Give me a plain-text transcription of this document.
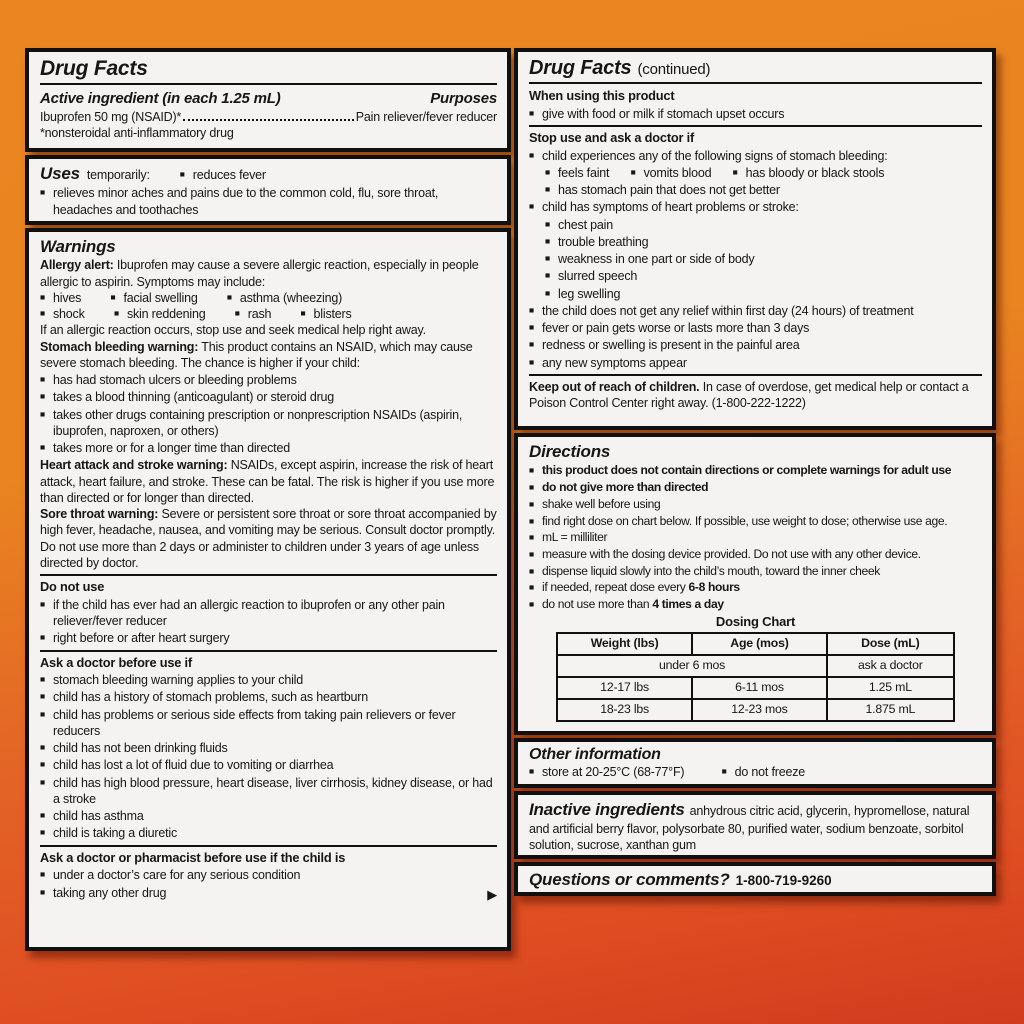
Drug Facts
Active ingredient (in each 1.25 mL)	Purposes
Ibuprofen 50 mg (NSAID)*	Pain reliever/fever reducer
*nonsteroidal anti-inflammatory drug
Uses temporarily:	■ reduces fever
■ relieves minor aches and pains due to the common cold, flu, sore throat, headaches and toothaches
Warnings
Allergy alert: Ibuprofen may cause a severe allergic reaction, especially in people allergic to aspirin. Symptoms may include:
■ hives	■ facial swelling	■ asthma (wheezing)
■ shock	■ skin reddening	■ rash	■ blisters
If an allergic reaction occurs, stop use and seek medical help right away.
Stomach bleeding warning: This product contains an NSAID, which may cause severe stomach bleeding. The chance is higher if your child:
■ has had stomach ulcers or bleeding problems
■ takes a blood thinning (anticoagulant) or steroid drug
■ takes other drugs containing prescription or nonprescription NSAIDs (aspirin, ibuprofen, naproxen, or others)
■ takes more or for a longer time than directed
Heart attack and stroke warning: NSAIDs, except aspirin, increase the risk of heart attack, heart failure, and stroke. These can be fatal. The risk is higher if you use more than directed or for longer than directed.
Sore throat warning: Severe or persistent sore throat or sore throat accompanied by high fever, headache, nausea, and vomiting may be serious. Consult doctor promptly. Do not use more than 2 days or administer to children under 3 years of age unless directed by doctor.
Do not use
■ if the child has ever had an allergic reaction to ibuprofen or any other pain reliever/fever reducer
■ right before or after heart surgery
Ask a doctor before use if
■ stomach bleeding warning applies to your child
■ child has a history of stomach problems, such as heartburn
■ child has problems or serious side effects from taking pain relievers or fever reducers
■ child has not been drinking fluids
■ child has lost a lot of fluid due to vomiting or diarrhea
■ child has high blood pressure, heart disease, liver cirrhosis, kidney disease, or had a stroke
■ child has asthma
■ child is taking a diuretic
Ask a doctor or pharmacist before use if the child is
■ under a doctor’s care for any serious condition
■ taking any other drug	▶
Drug Facts (continued)
When using this product
■ give with food or milk if stomach upset occurs
Stop use and ask a doctor if
■ child experiences any of the following signs of stomach bleeding:
■ feels faint	■ vomits blood	■ has bloody or black stools
■ has stomach pain that does not get better
■ child has symptoms of heart problems or stroke:
■ chest pain
■ trouble breathing
■ weakness in one part or side of body
■ slurred speech
■ leg swelling
■ the child does not get any relief within first day (24 hours) of treatment
■ fever or pain gets worse or lasts more than 3 days
■ redness or swelling is present in the painful area
■ any new symptoms appear
Keep out of reach of children. In case of overdose, get medical help or contact a Poison Control Center right away. (1-800-222-1222)
Directions
■ this product does not contain directions or complete warnings for adult use
■ do not give more than directed
■ shake well before using
■ find right dose on chart below. If possible, use weight to dose; otherwise use age.
■ mL = milliliter
■ measure with the dosing device provided. Do not use with any other device.
■ dispense liquid slowly into the child’s mouth, toward the inner cheek
■ if needed, repeat dose every 6-8 hours
■ do not use more than 4 times a day
Dosing Chart
Weight (lbs)	Age (mos)	Dose (mL)
under 6 mos		ask a doctor
12-17 lbs	6-11 mos	1.25 mL
18-23 lbs	12-23 mos	1.875 mL
Other information
■ store at 20-25°C (68-77°F)	■ do not freeze
Inactive ingredients anhydrous citric acid, glycerin, hypromellose, natural and artificial berry flavor, polysorbate 80, purified water, sodium benzoate, sorbitol solution, sucrose, xanthan gum
Questions or comments? 1-800-719-9260
